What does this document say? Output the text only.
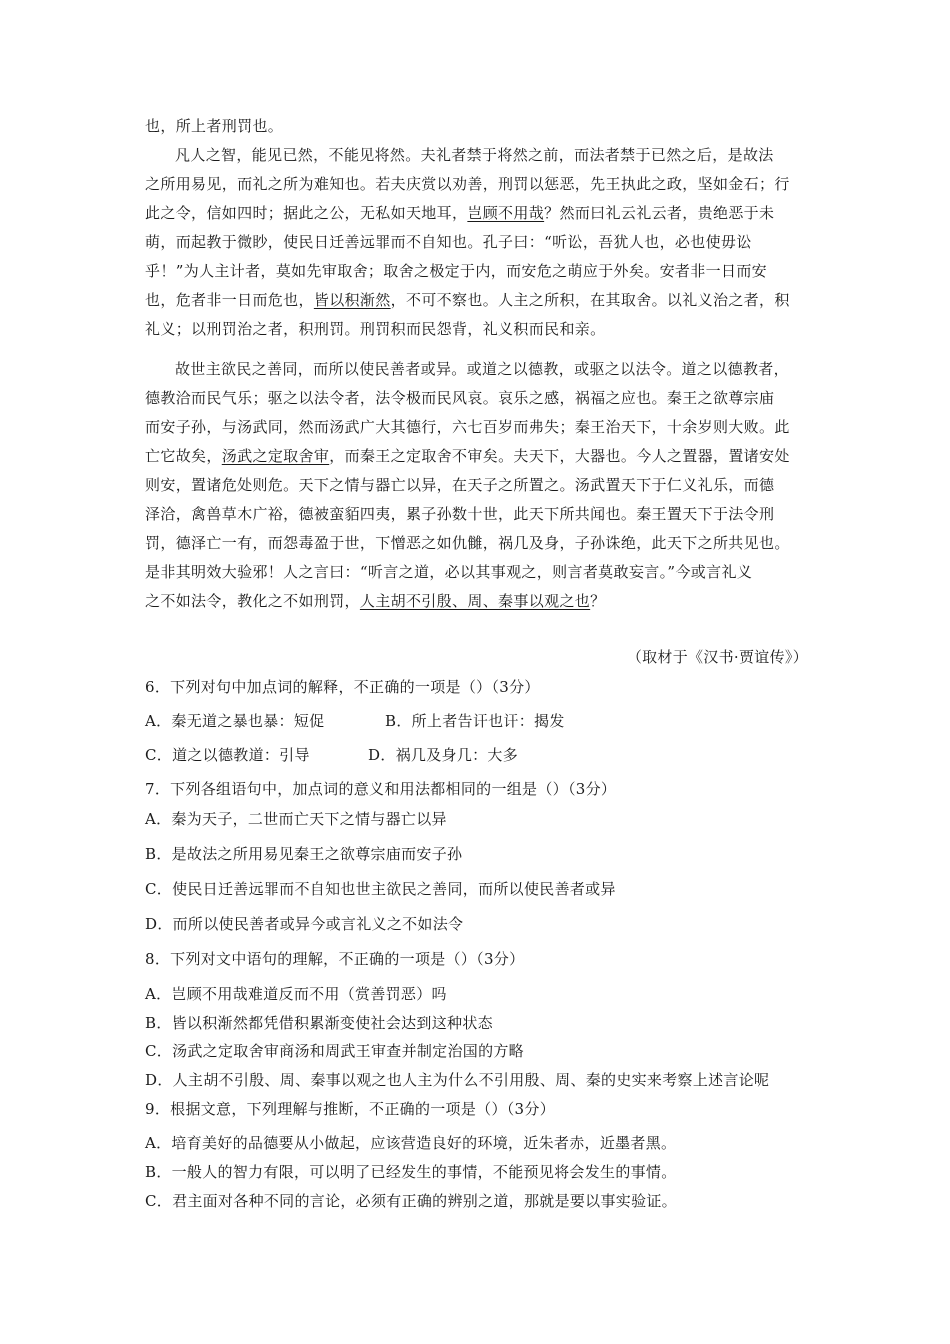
也，所上者刑罚也。
凡人之智，能见已然，不能见将然。夫礼者禁于将然之前，而法者禁于已然之后，是故法
之所用易见，而礼之所为难知也。若夫庆赏以劝善，刑罚以惩恶，先王执此之政，坚如金石；行
此之令，信如四时；据此之公，无私如天地耳，岂顾不用哉？然而曰礼云礼云者，贵绝恶于未
萌，而起教于微眇，使民日迁善远罪而不自知也。孔子曰：“听讼，吾犹人也，必也使毋讼
乎！”为人主计者，莫如先审取舍；取舍之极定于内，而安危之萌应于外矣。安者非一日而安
也，危者非一日而危也，皆以积渐然，不可不察也。人主之所积，在其取舍。以礼义治之者，积
礼义；以刑罚治之者，积刑罚。刑罚积而民怨背，礼义积而民和亲。
故世主欲民之善同，而所以使民善者或异。或道之以德教，或驱之以法令。道之以德教者，
德教洽而民气乐；驱之以法令者，法令极而民风哀。哀乐之感，祸福之应也。秦王之欲尊宗庙
而安子孙，与汤武同，然而汤武广大其德行，六七百岁而弗失；秦王治天下，十余岁则大败。此
亡它故矣，汤武之定取舍审，而秦王之定取舍不审矣。夫天下，大器也。今人之置器，置诸安处
则安，置诸危处则危。天下之情与器亡以异，在天子之所置之。汤武置天下于仁义礼乐，而德
泽洽，禽兽草木广裕，德被蛮貊四夷，累子孙数十世，此天下所共闻也。秦王置天下于法令刑
罚，德泽亡一有，而怨毒盈于世，下憎恶之如仇雠，祸几及身，子孙诛绝，此天下之所共见也。
是非其明效大验邪！人之言曰：“听言之道，必以其事观之，则言者莫敢妄言。”今或言礼义
之不如法令，教化之不如刑罚，人主胡不引殷、周、秦事以观之也？
（取材于《汉书·贾谊传》）
6．下列对句中加点词的解释，不正确的一项是（）（3分）
A．秦无道之暴也暴：短促	B．所上者告讦也讦：揭发
C．道之以德教道：引导	D．祸几及身几：大多
7．下列各组语句中，加点词的意义和用法都相同的一组是（）（3分）
A．秦为天子，二世而亡天下之情与器亡以异
B．是故法之所用易见秦王之欲尊宗庙而安子孙
C．使民日迁善远罪而不自知也世主欲民之善同，而所以使民善者或异
D．而所以使民善者或异今或言礼义之不如法令
8．下列对文中语句的理解，不正确的一项是（）（3分）
A．岂顾不用哉难道反而不用（赏善罚恶）吗
B．皆以积渐然都凭借积累渐变使社会达到这种状态
C．汤武之定取舍审商汤和周武王审查并制定治国的方略
D．人主胡不引殷、周、秦事以观之也人主为什么不引用殷、周、秦的史实来考察上述言论呢
9．根据文意，下列理解与推断，不正确的一项是（）（3分）
A．培育美好的品德要从小做起，应该营造良好的环境，近朱者赤，近墨者黑。
B．一般人的智力有限，可以明了已经发生的事情，不能预见将会发生的事情。
C．君主面对各种不同的言论，必须有正确的辨别之道，那就是要以事实验证。
